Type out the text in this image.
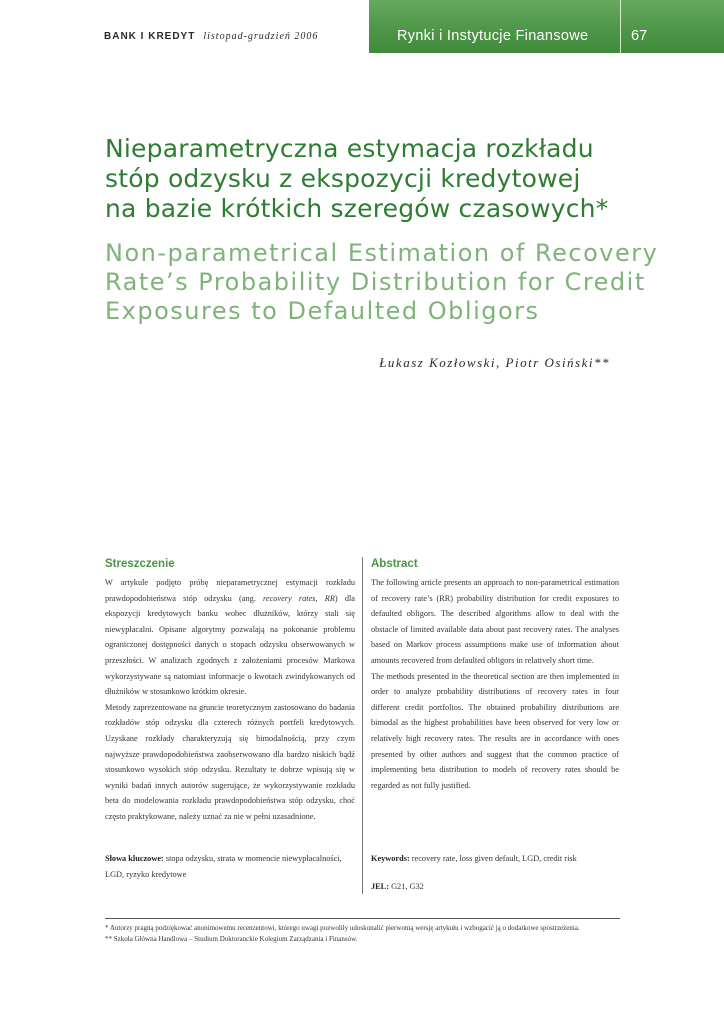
BANK I KREDYT listopad-grudzień 2006	Rynki i Instytucje Finansowe	67
Nieparametryczna estymacja rozkładu
stóp odzysku z ekspozycji kredytowej
na bazie krótkich szeregów czasowych*
Non-parametrical Estimation of Recovery
Rate’s Probability Distribution for Credit
Exposures to Defaulted Obligors
Łukasz Kozłowski, Piotr Osiński**
Streszczenie

W artykule podjęto próbę nieparametrycznej estymacji rozkładu prawdopodobieństwa stóp odzysku (ang. recovery rates, RR) dla ekspozycji kredytowych banku wobec dłużników, którzy stali się niewypłacalni. Opisane algorytmy pozwalają na pokonanie problemu ograniczonej dostępności danych o stopach odzysku obserwowanych w przeszłości. W analizach zgodnych z założeniami procesów Markowa wykorzystywane są natomiast informacje o kwotach zwindykowanych od dłużników w stosunkowo krótkim okresie.

Metody zaprezentowane na gruncie teoretycznym zastosowano do badania rozkładów stóp odzysku dla czterech różnych portfeli kredytowych. Uzyskane rozkłady charakteryzują się bimodalnością, przy czym najwyższe prawdopodobieństwa zaobserwowano dla bardzo niskich bądź stosunkowo wysokich stóp odzysku. Rezultaty te dobrze wpisują się w wyniki badań innych autorów sugerujące, że wykorzystywanie rozkładu beta do modelowania rozkładu prawdopodobieństwa stóp odzysku, choć często praktykowane, należy uznać za nie w pełni uzasadnione.

Słowa kluczowe: stopa odzysku, strata w momencie niewypłacalności, LGD, ryzyko kredytowe

Abstract

The following article presents an approach to non-parametrical estimation of recovery rate’s (RR) probability distribution for credit exposures to defaulted obligors. The described algorithms allow to deal with the obstacle of limited available data about past recovery rates. The analyses based on Markov process assumptions make use of information about amounts recovered from defaulted obligors in relatively short time.

The methods presented in the theoretical section are then implemented in order to analyze probability distributions of recovery rates in four different credit portfolios. The obtained probability distributions are bimodal as the highest probabilities have been observed for very low or relatively high recovery rates. The results are in accordance with ones presented by other authors and suggest that the common practice of implementing beta distribution to models of recovery rates should be regarded as not fully justified.

Keywords: recovery rate, loss given default, LGD, credit risk

JEL: G21, G32

* Autorzy pragną podziękować anonimowemu recenzentowi, którego uwagi pozwoliły udoskonalić pierwotną wersję artykułu i wzbogacić ją o dodatkowe spostrzeżenia.

** Szkoła Główna Handlowa – Studium Doktoranckie Kolegium Zarządzania i Finansów.
